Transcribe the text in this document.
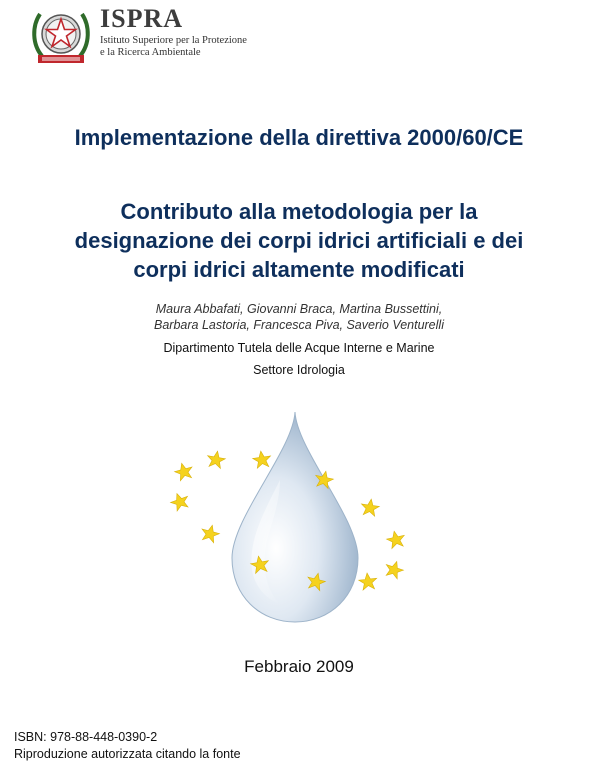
ISPRA
Istituto Superiore per la Protezione
e la Ricerca Ambientale
Implementazione della direttiva 2000/60/CE
Contributo alla metodologia per la
designazione dei corpi idrici artificiali e dei
corpi idrici altamente modificati
Maura Abbafati, Giovanni Braca, Martina Bussettini,
Barbara Lastoria, Francesca Piva, Saverio Venturelli
Dipartimento Tutela delle Acque Interne e Marine
Settore Idrologia
Febbraio 2009
ISBN: 978-88-448-0390-2
Riproduzione autorizzata citando la fonte
